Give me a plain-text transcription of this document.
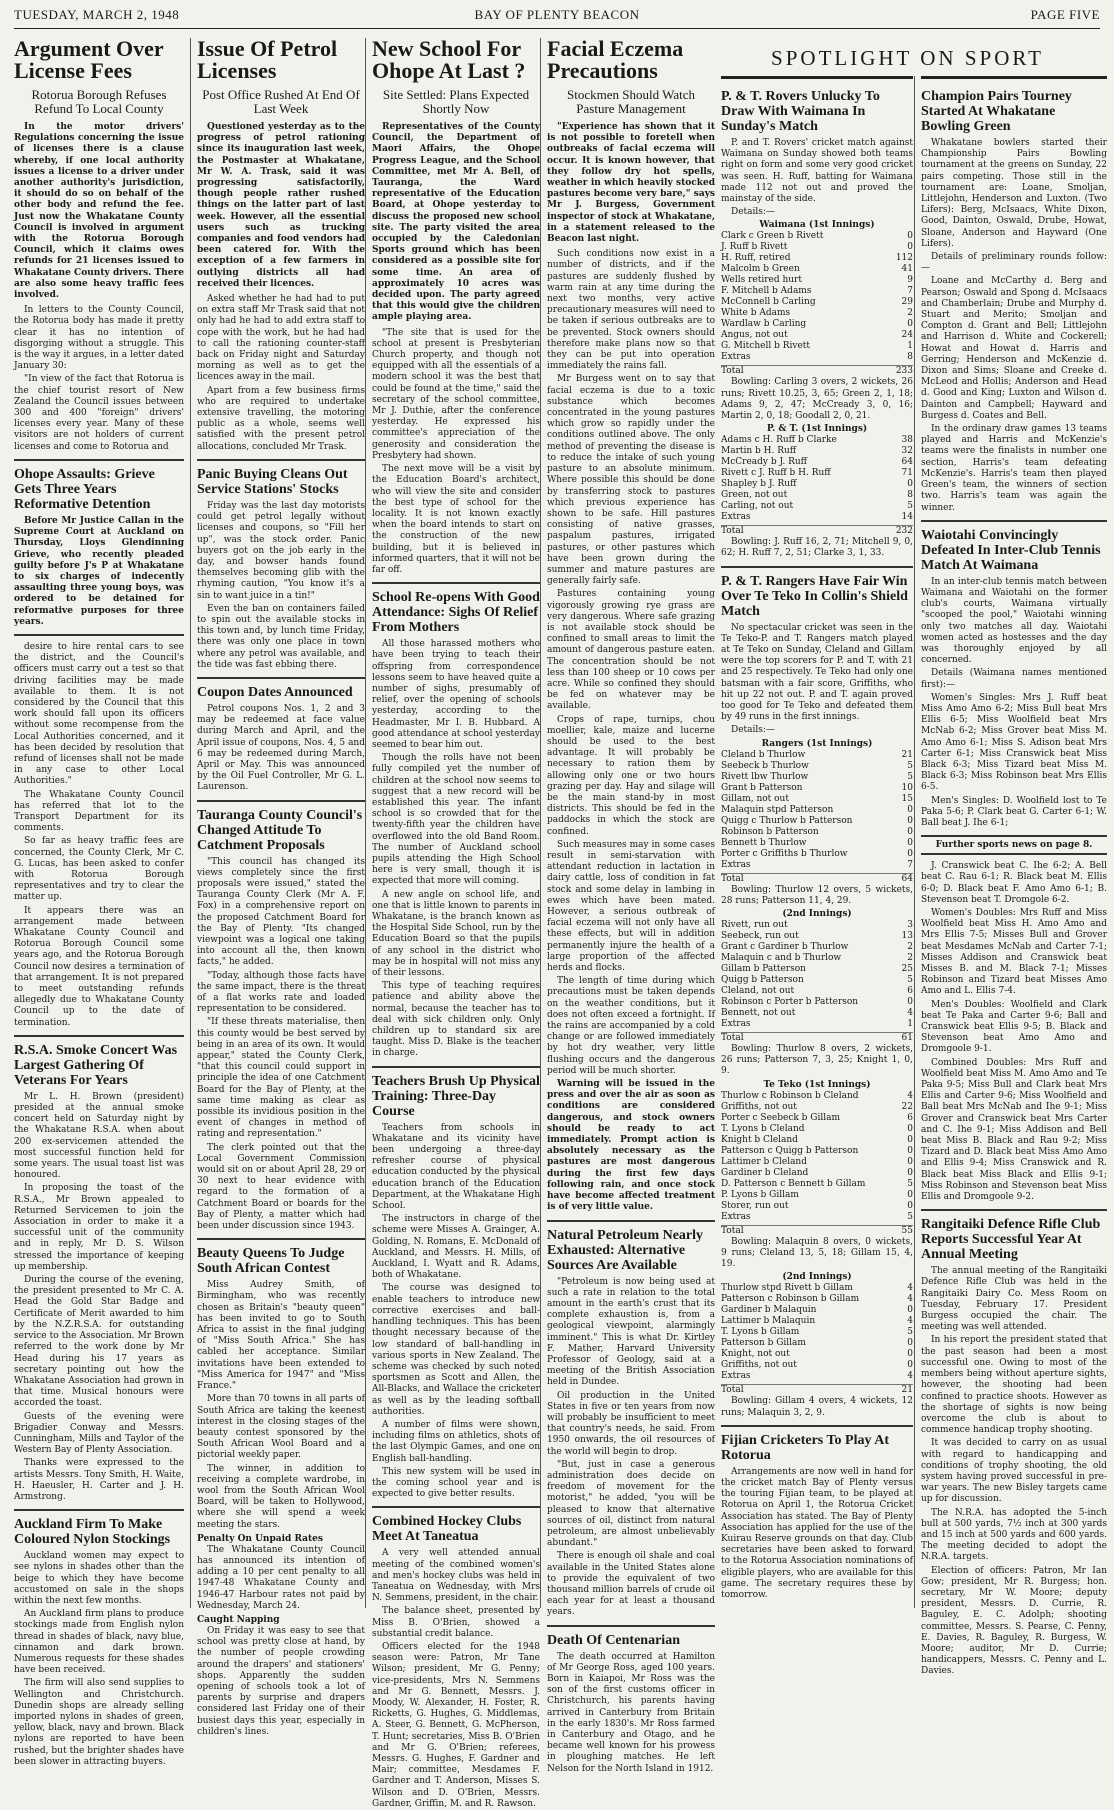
TUESDAY, MARCH 2, 1948	BAY OF PLENTY BEACON	PAGE FIVE
Argument Over License Fees
Rotorua Borough Refuses Refund To Local County
In the motor drivers' Regulations concerning the issue of licenses there is a clause whereby, if one local authority issues a license to a driver under another authority's jurisdiction, it should do so on behalf of the other body and refund the fee. Just now the Whakatane County Council is involved in argument with the Rotorua Borough Council, which it claims owes refunds for 21 licenses issued to Whakatane County drivers. There are also some heavy traffic fees involved.

In letters to the County Council, the Rotorua body has made it pretty clear it has no intention of disgorging without a struggle. This is the way it argues, in a letter dated January 30:

"In view of the fact that Rotorua is the chief tourist resort of New Zealand the Council issues between 300 and 400 "foreign" drivers' licenses every year. Many of these visitors are not holders of current licenses and come to Rotorua and

Ohope Assaults: Grieve Gets Three Years Reformative Detention
Before Mr Justice Callan in the Supreme Court at Auckland on Thursday, Lloys Glendinning Grieve, who recently pleaded guilty before J's P at Whakatane to six charges of indecently assaulting three young boys, was ordered to be detained for reformative purposes for three years.

desire to hire rental cars to see the district, and the Council's officers must carry out a test so that driving facilities may be made available to them. It is not considered by the Council that this work should fall upon its officers without some recompense from the Local Authorities concerned, and it has been decided by resolution that refund of licenses shall not be made in any case to other Local Authorities."

The Whakatane County Council has referred that lot to the Transport Department for its comments.

So far as heavy traffic fees are concerned, the County Clerk, Mr C. G. Lucas, has been asked to confer with Rotorua Borough representatives and try to clear the matter up.

It appears there was an arrangement made between Whakatane County Council and Rotorua Borough Council some years ago, and the Rotorua Borough Council now desires a termination of that arrangement. It is not prepared to meet outstanding refunds allegedly due to Whakatane County Council up to the date of termination.

R.S.A. Smoke Concert Was Largest Gathering Of Veterans For Years

Mr L. H. Brown (president) presided at the annual smoke concert held on Saturday night by the Whakatane R.S.A. when about 200 ex-servicemen attended the most successful function held for some years. The usual toast list was honoured.

In proposing the toast of the R.S.A., Mr Brown appealed to Returned Servicemen to join the Association in order to make it a successful unit of the community and in reply, Mr D. S. Wilson stressed the importance of keeping up membership.

During the course of the evening, the president presented to Mr C. A. Head the Gold Star Badge and Certificate of Merit awarded to him by the N.Z.R.S.A. for outstanding service to the Association. Mr Brown referred to the work done by Mr Head during his 17 years as secretary pointing out how the Whakatane Association had grown in that time. Musical honours were accorded the toast.

Guests of the evening were Brigadier Conway and Messrs. Cunningham, Mills and Taylor of the Western Bay of Plenty Association.

Thanks were expressed to the artists Messrs. Tony Smith, H. Waite, H. Haeusler, H. Carter and J. H. Armstrong.

Auckland Firm To Make Coloured Nylon Stockings

Auckland women may expect to see nylons in shades other than the beige to which they have become accustomed on sale in the shops within the next few months.

An Auckland firm plans to produce stockings made from English nylon thread in shades of black, navy blue, cinnamon and dark brown. Numerous requests for these shades have been received.

The firm will also send supplies to Wellington and Christchurch. Dunedin shops are already selling imported nylons in shades of green, yellow, black, navy and brown. Black nylons are reported to have been rushed, but the brighter shades have been slower in attracting buyers.

Issue Of Petrol Licenses
Post Office Rushed At End Of Last Week
Questioned yesterday as to the progress of petrol rationing since its inauguration last week, the Postmaster at Whakatane, Mr W. A. Trask, said it was progressing satisfactorily, though people rather rushed things on the latter part of last week. However, all the essential users such as trucking companies and food vendors had been catered for. With the exception of a few farmers in outlying districts all had received their licences.

Asked whether he had had to put on extra staff Mr Trask said that not only had he had to add extra staff to cope with the work, but he had had to call the rationing counter-staff back on Friday night and Saturday morning as well as to get the licences away in the mail.

Apart from a few business firms who are required to undertake extensive travelling, the motoring public as a whole, seems well satisfied with the present petrol allocations, concluded Mr Trask.

Panic Buying Cleans Out Service Stations' Stocks

Friday was the last day motorists could get petrol legally without licenses and coupons, so "Fill her up", was the stock order. Panic buyers got on the job early in the day, and bowser hands found themselves becoming glib with the rhyming caution, "You know it's a sin to want juice in a tin!"

Even the ban on containers failed to spin out the available stocks in this town and, by lunch time Friday, there was only one place in town where any petrol was available, and the tide was fast ebbing there.

Coupon Dates Announced

Petrol coupons Nos. 1, 2 and 3 may be redeemed at face value during March and April, and the April issue of coupons, Nos. 4, 5 and 6 may be redeemed during March, April or May. This was announced by the Oil Fuel Controller, Mr G. L. Laurenson.

Tauranga County Council's Changed Attitude To Catchment Proposals

"This council has changed its views completely since the first proposals were issued," stated the Tauranga County Clerk (Mr A. F. Fox) in a comprehensive report on the proposed Catchment Board for the Bay of Plenty. "Its changed viewpoint was a logical one taking into account all the, then known facts," he added.

"Today, although those facts have the same impact, there is the threat of a flat works rate and loaded representation to be considered.

"If these threats materialise, then this county would be best served by being in an area of its own. It would appear," stated the County Clerk, "that this council could support in principle the idea of one Catchment Board for the Bay of Plenty, at the same time making as clear as possible its invidious position in the event of changes in method of rating and representation."

The clerk pointed out that the Local Government Commission would sit on or about April 28, 29 or 30 next to hear evidence with regard to the formation of a Catchment Board or boards for the Bay of Plenty, a matter which had been under discussion since 1943.

Beauty Queens To Judge South African Contest

Miss Audrey Smith, of Birmingham, who was recently chosen as Britain's "beauty queen" has been invited to go to South Africa to assist in the final judging of "Miss South Africa." She has cabled her acceptance. Similar invitations have been extended to "Miss America for 1947" and "Miss France."

More than 70 towns in all parts of South Africa are taking the keenest interest in the closing stages of the beauty contest sponsored by the South African Wool Board and a pictorial weekly paper.

The winner, in addition to receiving a complete wardrobe, in wool from the South African Wool Board, will be taken to Hollywood, where she will spend a week meeting the stars.

Penalty On Unpaid Rates

The Whakatane County Council has announced its intention of adding a 10 per cent penalty to all 1947-48 Whakatane County and 1946-47 Harbour rates not paid by Wednesday, March 24.

Caught Napping

On Friday it was easy to see that school was pretty close at hand, by the number of people crowding around the drapers' and stationers' shops. Apparently the sudden opening of schools took a lot of parents by surprise and drapers considered last Friday one of their busiest days this year, especially in children's lines.

New School For Ohope At Last ?
Site Settled: Plans Expected Shortly Now
Representatives of the County Council, the Department of Maori Affairs, the Ohope Progress League, and the School Committee, met Mr A. Bell, of Tauranga, the Ward representative of the Education Board, at Ohope yesterday to discuss the proposed new school site. The party visited the area occupied by the Caledonian Sports ground which has been considered as a possible site for some time. An area of approximately 10 acres was decided upon. The party agreed that this would give the children ample playing area.

"The site that is used for the school at present is Presbyterian Church property, and though not equipped with all the essentials of a modern school it was the best that could be found at the time," said the secretary of the school committee, Mr J. Duthie, after the conference yesterday. He expressed his committee's appreciation of the generosity and consideration the Presbytery had shown.

The next move will be a visit by the Education Board's architect, who will view the site and consider the best type of school for the locality. It is not known exactly when the board intends to start on the construction of the new building, but it is believed in informed quarters, that it will not be far off.

School Re-opens With Good Attendance: Sighs Of Relief From Mothers

All those harassed mothers who have been trying to teach their offspring from correspondence lessons seem to have heaved quite a number of sighs, presumably of relief, over the opening of schools yesterday, according to the Headmaster, Mr I. B. Hubbard. A good attendance at school yesterday seemed to bear him out.

Though the rolls have not been fully compiled yet the number of children at the school now seems to suggest that a new record will be established this year. The infant school is so crowded that for the twenty-fifth year the children have overflowed into the old Band Room. The number of Auckland school pupils attending the High School here is very small, though it is expected that more will coming.

A new angle on school life, and one that is little known to parents in Whakatane, is the branch known as the Hospital Side School, run by the Education Board so that the pupils of any school in the district who may be in hospital will not miss any of their lessons.

This type of teaching requires patience and ability above the normal, because the teacher has to deal with sick children only. Only children up to standard six are taught. Miss D. Blake is the teacher in charge.

Teachers Brush Up Physical Training: Three-Day Course

Teachers from schools in Whakatane and its vicinity have been undergoing a three-day refresher course of physical education conducted by the physical education branch of the Education Department, at the Whakatane High School.

The instructors in charge of the scheme were Misses A. Grainger, A. Golding, N. Romans, E. McDonald of Auckland, and Messrs. H. Mills, of Auckland, I. Wyatt and R. Adams, both of Whakatane.

The course was designed to enable teachers to introduce new corrective exercises and ball-handling techniques. This has been thought necessary because of the low standard of ball-handling in various sports in New Zealand. The scheme was checked by such noted sportsmen as Scott and Allen, the All-Blacks, and Wallace the cricketer as well as by the leading softball authorities.

A number of films were shown, including films on athletics, shots of the last Olympic Games, and one on English ball-handling.

This new system will be used in the coming school year and is expected to give better results.

Combined Hockey Clubs Meet At Taneatua

A very well attended annual meeting of the combined women's and men's hockey clubs was held in Taneatua on Wednesday, with Mrs N. Semmens, president, in the chair.

The balance sheet, presented by Miss B. O'Brien, showed a substantial credit balance.

Officers elected for the 1948 season were: Patron, Mr Tane Wilson; president, Mr G. Penny; vice-presidents, Mrs N. Semmens and Mr G. Bennett, Messrs. J. Moody, W. Alexander, H. Foster, R. Ricketts, G. Hughes, G. Middlemas, A. Steer, G. Bennett, G. McPherson, T. Hunt; secretaries, Miss B. O'Brien and Mr G. O'Brien; referees, Messrs. G. Hughes, F. Gardner and Mair; committee, Mesdames F. Gardner and T. Anderson, Misses S. Wilson and D. O'Brien, Messrs. Gardner, Griffin, M. and R. Rawson.

Facial Eczema Precautions
Stockmen Should Watch Pasture Management
"Experience has shown that it is not possible to foretell when outbreaks of facial eczema will occur. It is known however, that they follow dry hot spells, weather in which heavily stocked pastures become very bare," says Mr J. Burgess, Government inspector of stock at Whakatane, in a statement released to the Beacon last night.

Such conditions now exist in a number of districts, and if the pastures are suddenly flushed by warm rain at any time during the next two months, very active precautionary measures will need to be taken if serious outbreaks are to be prevented. Stock owners should therefore make plans now so that they can be put into operation immediately the rains fall.

Mr Burgess went on to say that facial eczema is due to a toxic substance which becomes concentrated in the young pastures which grow so rapidly under the conditions outlined above. The only method of preventing the disease is to reduce the intake of such young pasture to an absolute minimum. Where possible this should be done by transferring stock to pastures which previous experience has shown to be safe. Hill pastures consisting of native grasses, paspalum pastures, irrigated pastures, or other pastures which have been grown during the summer and mature pastures are generally fairly safe.

Pastures containing young vigorously growing rye grass are very dangerous. Where safe grazing is not available stock should be confined to small areas to limit the amount of dangerous pasture eaten. The concentration should be not less than 100 sheep or 10 cows per acre. While so confined they should be fed on whatever may be available.

Crops of rape, turnips, chou moellier, kale, maize and lucerne should be used to the best advantage. It will probably be necessary to ration them by allowing only one or two hours grazing per day. Hay and silage will be the main stand-by in most districts. This should be fed in the paddocks in which the stock are confined.

Such measures may in some cases result in semi-starvation with attendant reduction in lactation in dairy cattle, loss of condition in fat stock and some delay in lambing in ewes which have been mated. However, a serious outbreak of facial eczema will not only have all these effects, but will in addition permanently injure the health of a large proportion of the affected herds and flocks.

The length of time during which precautions must be taken depends on the weather conditions, but it does not often exceed a fortnight. If the rains are accompanied by a cold change or are followed immediately by hot dry weather, very little flushing occurs and the dangerous period will be much shorter.

Warning will be issued in the press and over the air as soon as conditions are considered dangerous, and stock owners should be ready to act immediately. Prompt action is absolutely necessary as the pastures are most dangerous during the first few days following rain, and once stock have become affected treatment is of very little value.
Natural Petroleum Nearly Exhausted: Alternative Sources Are Available

"Petroleum is now being used at such a rate in relation to the total amount in the earth's crust that its complete exhaustion is, from a geological viewpoint, alarmingly imminent." This is what Dr. Kirtley F. Mather, Harvard University Professor of Geology, said at a meeting of the British Association held in Dundee.

Oil production in the United States in five or ten years from now will probably be insufficient to meet that country's needs, he said. From 1950 onwards, the oil resources of the world will begin to drop.

"But, just in case a generous administration does decide on freedom of movement for the motorist," he added, "you will be pleased to know that alternative sources of oil, distinct from natural petroleum, are almost unbelievably abundant."

There is enough oil shale and coal available in the United States alone to provide the equivalent of two thousand million barrels of crude oil each year for at least a thousand years.

Death Of Centenarian

The death occurred at Hamilton of Mr George Ross, aged 100 years. Born in Kaiapoi, Mr Ross was the son of the first customs officer in Christchurch, his parents having arrived in Canterbury from Britain in the early 1830's. Mr Ross farmed in Canterbury and Otago, and he became well known for his prowess in ploughing matches. He left Nelson for the North Island in 1912.

SPOTLIGHT ON SPORT
P. & T. Rovers Unlucky To Draw With Waimana In Sunday's Match

P. and T. Rovers' cricket match against Waimana on Sunday showed both teams right on form and some very good cricket was seen. H. Ruff, batting for Waimana made 112 not out and proved the mainstay of the side.

Details:—

Waimana (1st Innings)
Clark c Green b Rivett	0
J. Ruff b Rivett	0
H. Ruff, retired	112
Malcolm b Green	41
Wells retired hurt	9
F. Mitchell b Adams	7
McConnell b Carling	29
White b Adams	2
Wardlaw b Carling	0
Angus, not out	24
G. Mitchell b Rivett	1
Extras	8
Total	233

Bowling: Carling 3 overs, 2 wickets, 26 runs; Rivett 10.25, 3, 65; Green 2, 1, 18; Adams 9, 2, 47; McCready 3, 0, 16; Martin 2, 0, 18; Goodall 2, 0, 21.

P. & T. (1st Innings)
Adams c H. Ruff b Clarke	38
Martin b H. Ruff	32
McCready b J. Ruff	64
Rivett c J. Ruff b H. Ruff	71
Shapley b J. Ruff	0
Green, not out	8
Carling, not out	5
Extras	14
Total	232

Bowling: J. Ruff 16, 2, 71; Mitchell 9, 0, 62; H. Ruff 7, 2, 51; Clarke 3, 1, 33.

P. & T. Rangers Have Fair Win Over Te Teko In Collin's Shield Match

No spectacular cricket was seen in the Te Teko-P. and T. Rangers match played at Te Teko on Sunday, Cleland and Gillam were the top scorers for P. and T. with 21 and 25 respectively. Te Teko had only one batsman with a fair score, Griffiths, who hit up 22 not out. P. and T. again proved too good for Te Teko and defeated them by 49 runs in the first innings.

Details:—

Rangers (1st Innings)
Cleland b Thurlow	21
Seebeck b Thurlow	5
Rivett lbw Thurlow	5
Grant b Patterson	10
Gillam, not out	15
Malaquin stpd Patterson	0
Quigg c Thurlow b Patterson	0
Robinson b Patterson	0
Bennett b Thurlow	0
Porter c Griffiths b Thurlow	0
Extras	7
Total	64

Bowling: Thurlow 12 overs, 5 wickets, 28 runs; Patterson 11, 4, 29.

(2nd Innings)
Rivett, run out	3
Seebeck, run out	13
Grant c Gardiner b Thurlow	2
Malaquin c and b Thurlow	2
Gillam b Patterson	25
Quigg b Patterson	5
Cleland, not out	6
Robinson c Porter b Patterson	0
Bennett, not out	4
Extras	1
Total	61

Bowling: Thurlow 8 overs, 2 wickets, 26 runs; Patterson 7, 3, 25; Knight 1, 0, 9.

Te Teko (1st Innings)
Thurlow c Robinson b Cleland	4
Griffiths, not out	22
Porter c Seebeck b Gillam	6
T. Lyons b Cleland	0
Knight b Cleland	0
Patterson c Quigg b Patterson	0
Lattimer b Cleland	0
Gardiner b Cleland	0
D. Patterson c Bennett b Gillam	5
P. Lyons b Gillam	0
Storer, run out	0
Extras	5
Total	55

Bowling: Malaquin 8 overs, 0 wickets, 9 runs; Cleland 13, 5, 18; Gillam 15, 4, 19.

(2nd Innings)
Thurlow stpd Rivett b Gillam	4
Patterson c Robinson b Gillam	4
Gardiner b Malaquin	0
Lattimer b Malaquin	4
T. Lyons b Gillam	5
Patterson b Gillam	0
Knight, not out	0
Griffiths, not out	0
Extras	4
Total	21

Bowling: Gillam 4 overs, 4 wickets, 12 runs; Malaquin 3, 2, 9.

Fijian Cricketers To Play At Rotorua

Arrangements are now well in hand for the cricket match Bay of Plenty versus the touring Fijian team, to be played at Rotorua on April 1, the Rotorua Cricket Association has stated. The Bay of Plenty Association has applied for the use of the Kuirau Reserve grounds on that day. Club secretaries have been asked to forward to the Rotorua Association nominations of eligible players, who are available for this game. The secretary requires these by tomorrow.

Champion Pairs Tourney Started At Whakatane Bowling Green

Whakatane bowlers started their Championship Pairs Bowling tournament at the greens on Sunday, 22 pairs competing. Those still in the tournament are: Loane, Smoljan, Littlejohn, Henderson and Luxton. (Two Lifers): Berg, McIsaacs, White Dixon, Good, Dainton, Oswald, Drube, Howat, Sloane, Anderson and Hayward (One Lifers).

Details of preliminary rounds follow:—

Loane and McCarthy d. Berg and Pearson; Oswald and Spong d. McIsaacs and Chamberlain; Drube and Murphy d. Stuart and Merito; Smoljan and Compton d. Grant and Bell; Littlejohn and Harrison d. White and Cockerell; Howat and Howat d. Harris and Gerring; Henderson and McKenzie d. Dixon and Sims; Sloane and Creeke d. McLeod and Hollis; Anderson and Head d. Good and King; Luxton and Wilson d. Dainton and Campbell; Hayward and Burgess d. Coates and Bell.

In the ordinary draw games 13 teams played and Harris and McKenzie's teams were the finalists in number one section, Harris's team defeating McKenzie's. Harris's team then played Green's team, the winners of section two. Harris's team was again the winner.

Waiotahi Convincingly Defeated In Inter-Club Tennis Match At Waimana

In an inter-club tennis match between Waimana and Waiotahi on the former club's courts, Waimana virtually "scooped the pool," Waiotahi winning only two matches all day. Waiotahi women acted as hostesses and the day was thoroughly enjoyed by all concerned.

Details (Waimana names mentioned first):—

Women's Singles: Mrs J. Ruff beat Miss Amo Amo 6-2; Miss Bull beat Mrs Ellis 6-5; Miss Woolfield beat Mrs McNab 6-2; Miss Grover beat Miss M. Amo Amo 6-1; Miss S. Adison beat Mrs Carter 6-1; Miss Cranswick beat Miss Black 6-3; Miss Tizard beat Miss M. Black 6-3; Miss Robinson beat Mrs Ellis 6-5.

Men's Singles: D. Woolfield lost to Te Paka 5-6; P. Clark beat G. Carter 6-1; W. Ball beat J. Ihe 6-1;

Further sports news on page 8.

J. Cranswick beat C. Ihe 6-2; A. Bell beat C. Rau 6-1; R. Black beat M. Ellis 6-0; D. Black beat F. Amo Amo 6-1; B. Stevenson beat T. Dromgole 6-2.

Women's Doubles: Mrs Ruff and Miss Woolfield beat Miss H. Amo Amo and Mrs Ellis 7-5; Misses Bull and Grover beat Mesdames McNab and Carter 7-1; Misses Addison and Cranswick beat Misses B. and M. Black 7-1; Misses Robinson and Tizard beat Misses Amo Amo and L. Ellis 7-4.

Men's Doubles: Woolfield and Clark beat Te Paka and Carter 9-6; Ball and Cranswick beat Ellis 9-5; B. Black and Stevenson beat Amo Amo and Dromgoole 9-1.

Combined Doubles: Mrs Ruff and Woolfield beat Miss M. Amo Amo and Te Paka 9-5; Miss Bull and Clark beat Mrs Ellis and Carter 9-6; Miss Woolfield and Ball beat Mrs McNab and Ihe 9-1; Miss Grover and Cranswick beat Mrs Carter and C. Ihe 9-1; Miss Addison and Bell beat Miss B. Black and Rau 9-2; Miss Tizard and D. Black beat Miss Amo Amo and Ellis 9-4; Miss Cranswick and R. Black beat Miss Black and Ellis 9-1; Miss Robinson and Stevenson beat Miss Ellis and Dromgoole 9-2.

Rangitaiki Defence Rifle Club Reports Successful Year At Annual Meeting

The annual meeting of the Rangitaiki Defence Rifle Club was held in the Rangitaiki Dairy Co. Mess Room on Tuesday, February 17. President Burgess occupied the chair. The meeting was well attended.

In his report the president stated that the past season had been a most successful one. Owing to most of the members being without aperture sights, however, the shooting had been confined to practice shoots. However as the shortage of sights is now being overcome the club is about to commence handicap trophy shooting.

It was decided to carry on as usual with regard to handicapping and conditions of trophy shooting, the old system having proved successful in pre-war years. The new Bisley targets came up for discussion.

The N.R.A. has adopted the 5-inch bull at 500 yards, 7½ inch at 300 yards and 15 inch at 500 yards and 600 yards. The meeting decided to adopt the N.R.A. targets.

Election of officers: Patron, Mr Ian Gow; president, Mr R. Burgess; hon. secretary, Mr W. Moore; deputy president, Messrs. D. Currie, R. Baguley, E. C. Adolph; shooting committee, Messrs. S. Pearse, C. Penny, E. Davies, R. Baguley, R. Burgess, W. Moore; auditor, Mr D. Currie; handicappers, Messrs. C. Penny and L. Davies.
